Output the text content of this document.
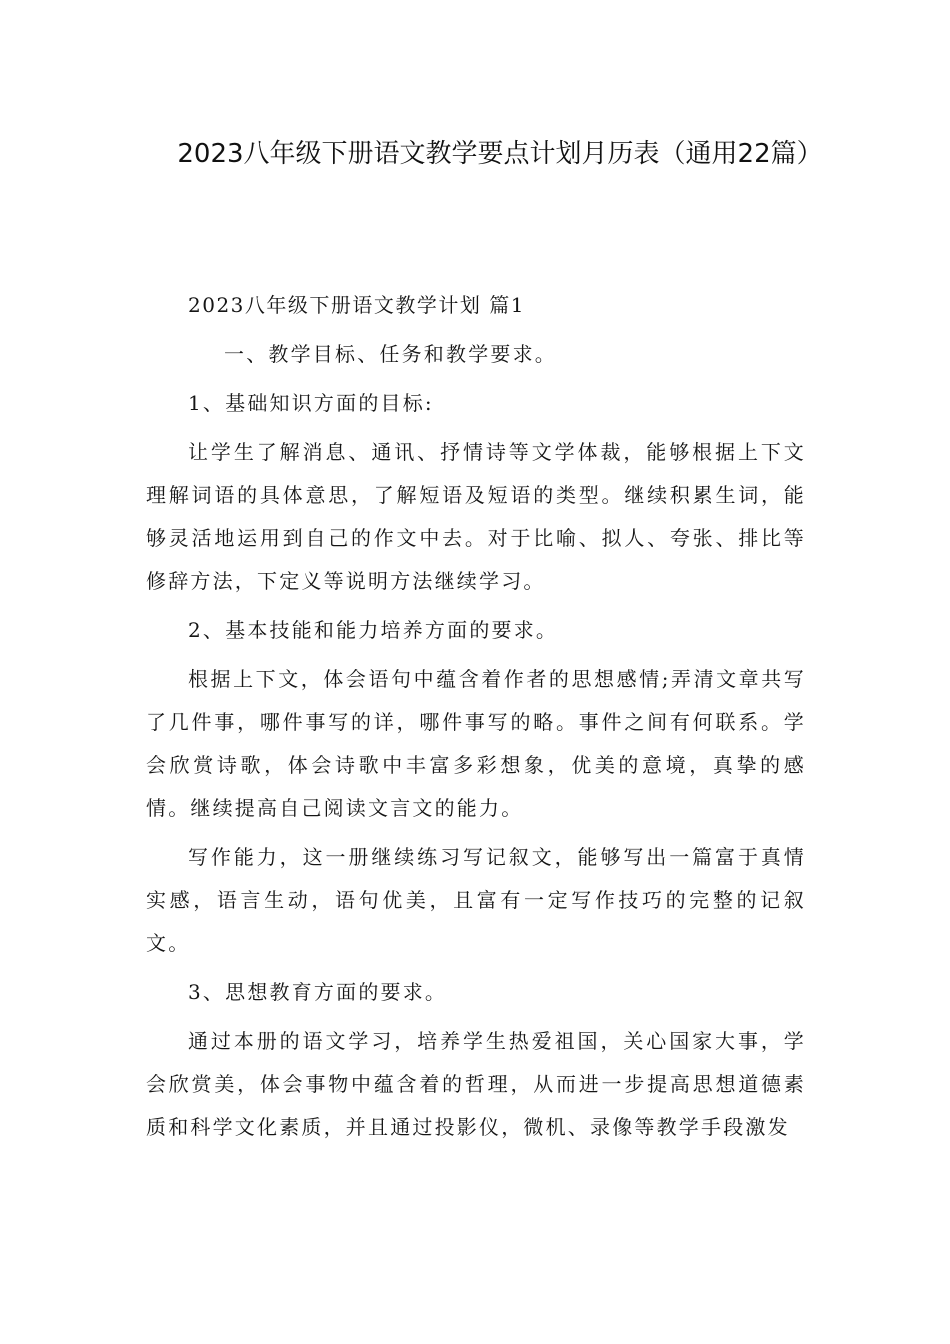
2023八年级下册语文教学要点计划月历表（通用22篇）

2023八年级下册语文教学计划 篇1

一、教学目标、任务和教学要求。

1、基础知识方面的目标:

让学生了解消息、通讯、抒情诗等文学体裁，能够根据上下文理解词语的具体意思，了解短语及短语的类型。继续积累生词，能够灵活地运用到自己的作文中去。对于比喻、拟人、夸张、排比等修辞方法，下定义等说明方法继续学习。

2、基本技能和能力培养方面的要求。

根据上下文，体会语句中蕴含着作者的思想感情;弄清文章共写了几件事，哪件事写的详，哪件事写的略。事件之间有何联系。学会欣赏诗歌，体会诗歌中丰富多彩想象，优美的意境，真挚的感情。继续提高自己阅读文言文的能力。

写作能力，这一册继续练习写记叙文，能够写出一篇富于真情实感，语言生动，语句优美，且富有一定写作技巧的完整的记叙文。

3、思想教育方面的要求。

通过本册的语文学习，培养学生热爱祖国，关心国家大事，学会欣赏美，体会事物中蕴含着的哲理，从而进一步提高思想道德素质和科学文化素质，并且通过投影仪，微机、录像等教学手段激发
